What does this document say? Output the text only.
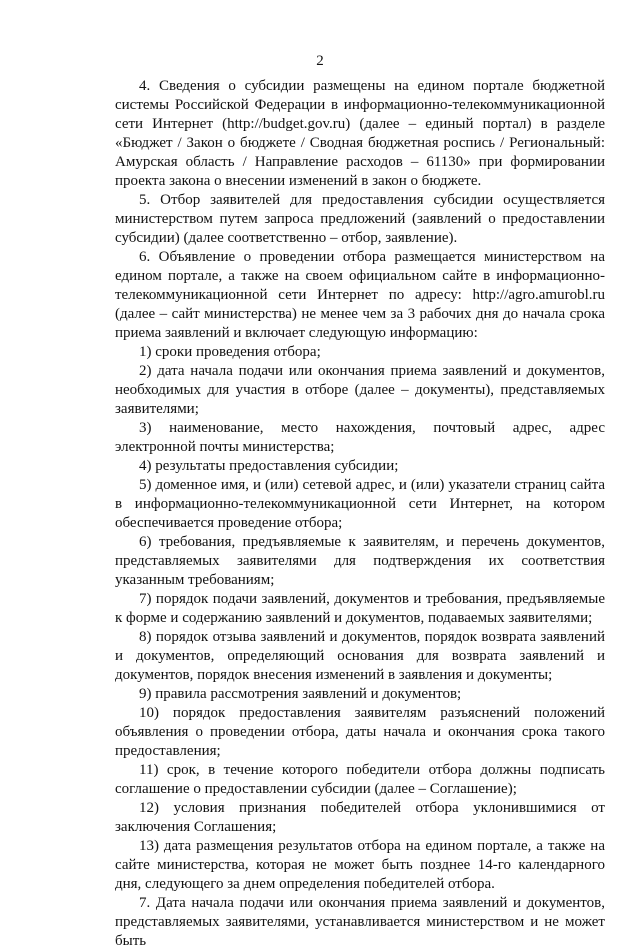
2

4. Сведения о субсидии размещены на едином портале бюджетной системы Российской Федерации в информационно-телекоммуникационной сети Интернет (http://budget.gov.ru) (далее – единый портал) в разделе «Бюджет / Закон о бюджете / Сводная бюджетная роспись / Региональный: Амурская область / Направление расходов – 61130» при формировании проекта закона о внесении изменений в закон о бюджете.

5. Отбор заявителей для предоставления субсидии осуществляется министерством путем запроса предложений (заявлений о предоставлении субсидии) (далее соответственно – отбор, заявление).

6. Объявление о проведении отбора размещается министерством на едином портале, а также на своем официальном сайте в информационно-телекоммуникационной сети Интернет по адресу: http://agro.amurobl.ru (далее – сайт министерства) не менее чем за 3 рабочих дня до начала срока приема заявлений и включает следующую информацию:

1) сроки проведения отбора;

2) дата начала подачи или окончания приема заявлений и документов, необходимых для участия в отборе (далее – документы), представляемых заявителями;

3) наименование, место нахождения, почтовый адрес, адрес электронной почты министерства;

4) результаты предоставления субсидии;

5) доменное имя, и (или) сетевой адрес, и (или) указатели страниц сайта в информационно-телекоммуникационной сети Интернет, на котором обеспечивается проведение отбора;

6) требования, предъявляемые к заявителям, и перечень документов, представляемых заявителями для подтверждения их соответствия указанным требованиям;

7) порядок подачи заявлений, документов и требования, предъявляемые к форме и содержанию заявлений и документов, подаваемых заявителями;

8) порядок отзыва заявлений и документов, порядок возврата заявлений и документов, определяющий основания для возврата заявлений и документов, порядок внесения изменений в заявления и документы;

9) правила рассмотрения заявлений и документов;

10) порядок предоставления заявителям разъяснений положений объявления о проведении отбора, даты начала и окончания срока такого предоставления;

11) срок, в течение которого победители отбора должны подписать соглашение о предоставлении субсидии (далее – Соглашение);

12) условия признания победителей отбора уклонившимися от заключения Соглашения;

13) дата размещения результатов отбора на едином портале, а также на сайте министерства, которая не может быть позднее 14-го календарного дня, следующего за днем определения победителей отбора.

7. Дата начала подачи или окончания приема заявлений и документов, представляемых заявителями, устанавливается министерством и не может быть
